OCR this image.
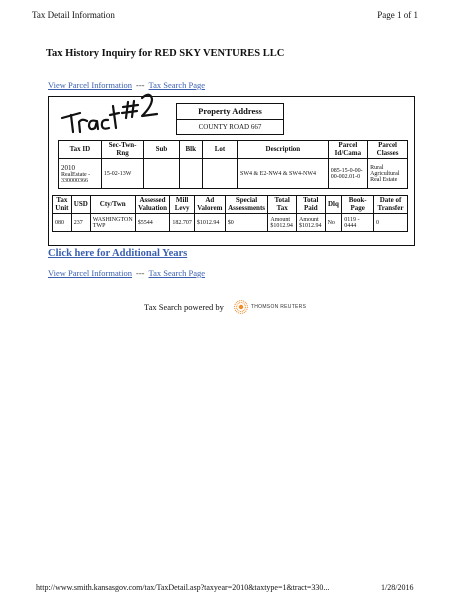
Tax Detail Information	Page 1 of 1
Tax History Inquiry for RED SKY VENTURES LLC
View Parcel Information --- Tax Search Page
Property Address
COUNTY ROAD 667
Tax ID	Sec-Twn-Rng	Sub	Blk	Lot	Description	Parcel Id/Cama	Parcel Classes

2010
RealEstate - 330000366	15-02-13W				SW4 & E2-NW4 & SW4-NW4	085-15-0-00-00-002.01-0	Rural Agricultural Real Estate
Tax Unit	USD	Cty/Twn	Assessed Valuation	Mill Levy	Ad Valorem	Special Assessments	Total Tax	Total Paid	Dlq	Book-Page	Date of Transfer
080	237	WASHINGTON TWP	$5544	182.707	$1012.94	$0	Amount $1012.94	Amount $1012.94	No	0119 - 0444	0
Click here for Additional Years
View Parcel Information --- Tax Search Page
Tax Search powered by	THOMSON REUTERS
http://www.smith.kansasgov.com/tax/TaxDetail.asp?taxyear=2010&taxtype=1&tract=330...	1/28/2016
